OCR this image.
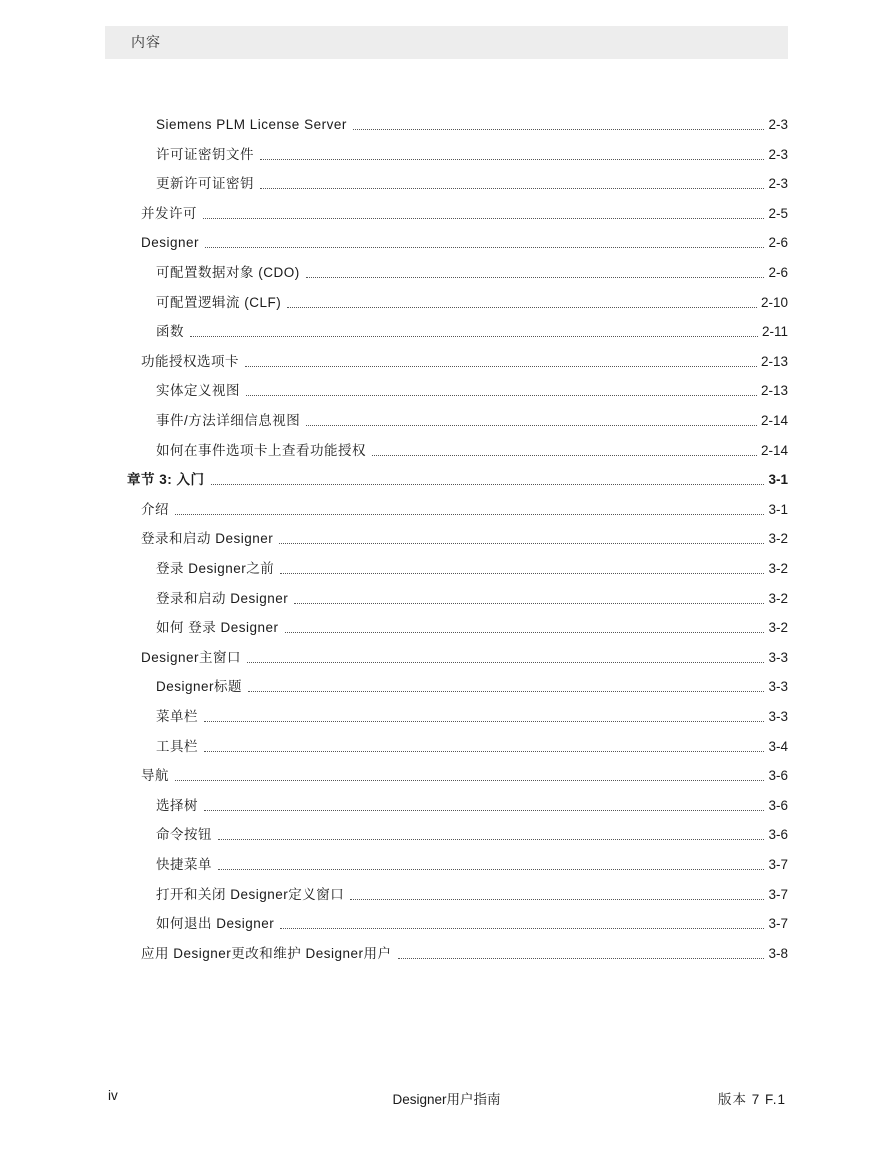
内容
Siemens PLM License Server	2-3
许可证密钥文件	2-3
更新许可证密钥	2-3
并发许可	2-5
Designer	2-6
可配置数据对象 (CDO)	2-6
可配置逻辑流 (CLF)	2-10
函数	2-11
功能授权选项卡	2-13
实体定义视图	2-13
事件/方法详细信息视图	2-14
如何在事件选项卡上查看功能授权	2-14
章节 3: 入门	3-1
介绍	3-1
登录和启动 Designer	3-2
登录 Designer之前	3-2
登录和启动 Designer	3-2
如何 登录 Designer	3-2
Designer主窗口	3-3
Designer标题	3-3
菜单栏	3-3
工具栏	3-4
导航	3-6
选择树	3-6
命令按钮	3-6
快捷菜单	3-7
打开和关闭 Designer定义窗口	3-7
如何退出 Designer	3-7
应用 Designer更改和维护 Designer用户	3-8
iv	Designer用户指南	版本 7 F.1
